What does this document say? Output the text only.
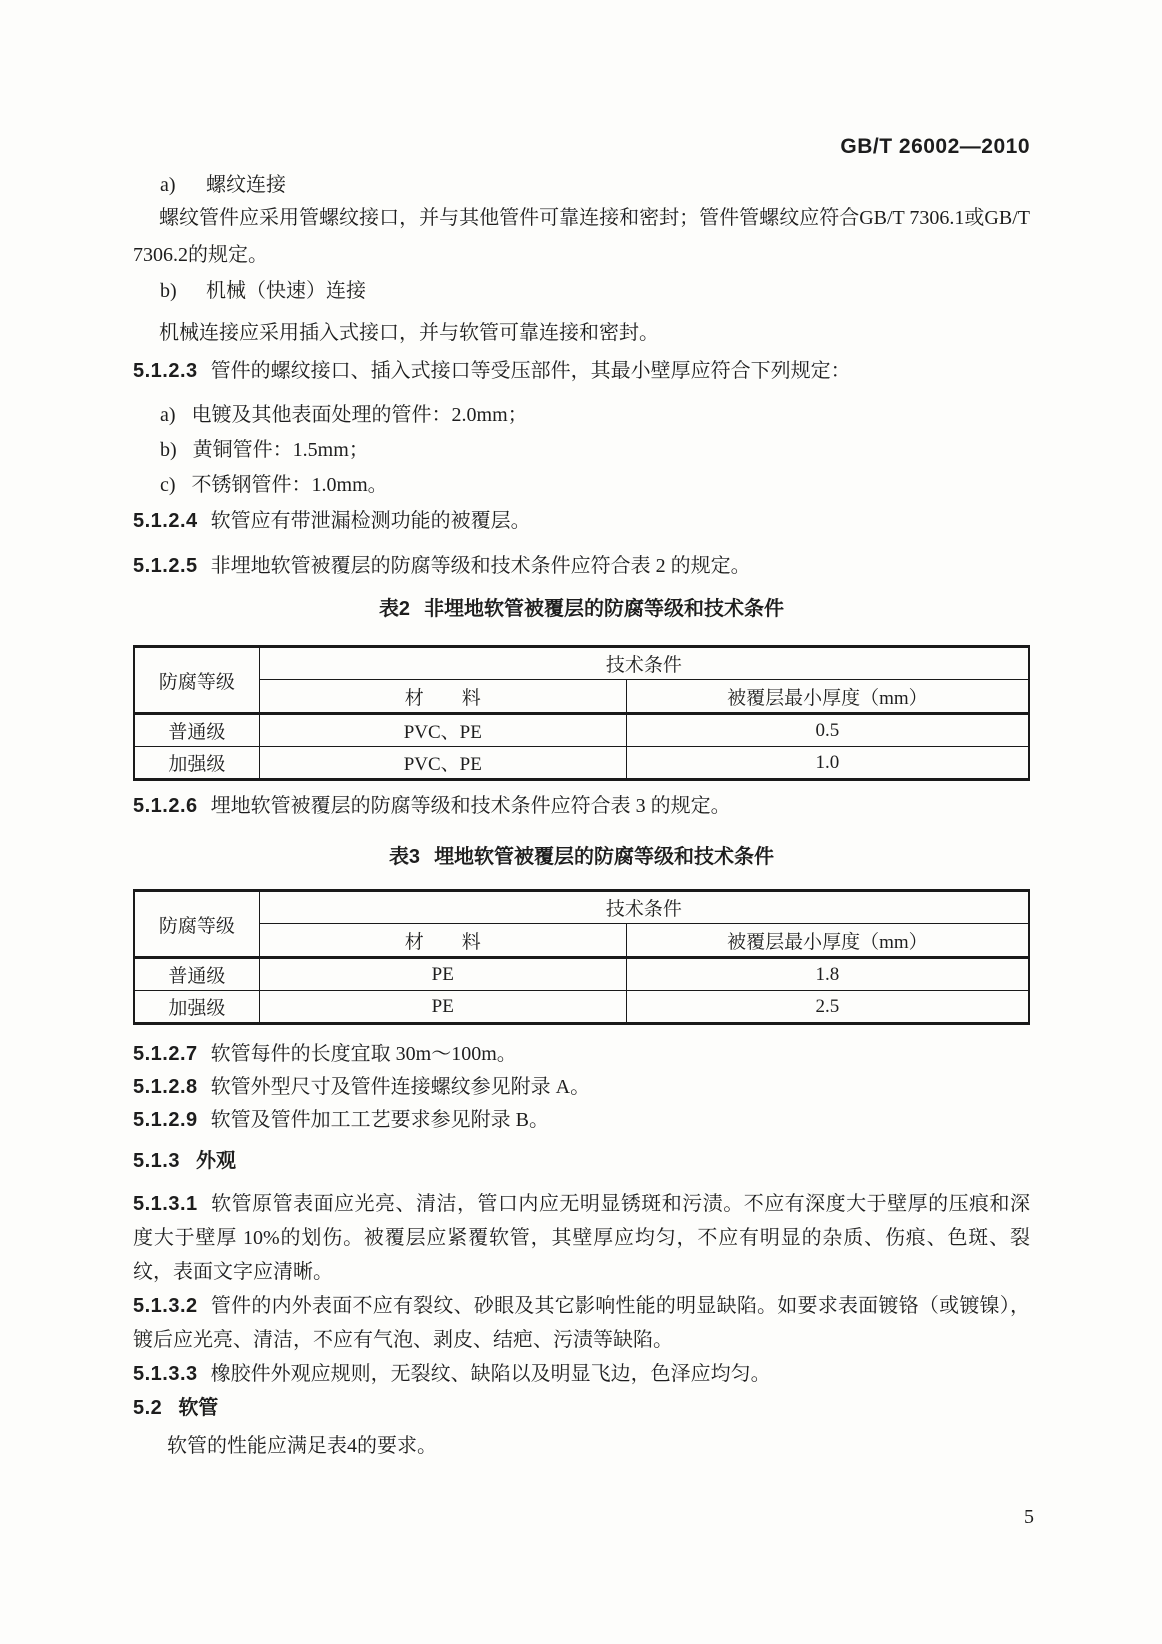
GB/T 26002—2010

a) 螺纹连接

螺纹管件应采用管螺纹接口，并与其他管件可靠连接和密封；管件管螺纹应符合GB/T 7306.1或GB/T 7306.2的规定。

b) 机械（快速）连接

机械连接应采用插入式接口，并与软管可靠连接和密封。

5.1.2.3 管件的螺纹接口、插入式接口等受压部件，其最小壁厚应符合下列规定：

a) 电镀及其他表面处理的管件：2.0mm；

b) 黄铜管件：1.5mm；

c) 不锈钢管件：1.0mm。

5.1.2.4 软管应有带泄漏检测功能的被覆层。

5.1.2.5 非埋地软管被覆层的防腐等级和技术条件应符合表 2 的规定。

表2 非埋地软管被覆层的防腐等级和技术条件

防腐等级	技术条件	
	材　　料	被覆层最小厚度（mm）
普通级	PVC、PE	0.5
加强级	PVC、PE	1.0

5.1.2.6 埋地软管被覆层的防腐等级和技术条件应符合表 3 的规定。

表3 埋地软管被覆层的防腐等级和技术条件

防腐等级	技术条件	
	材　　料	被覆层最小厚度（mm）
普通级	PE	1.8
加强级	PE	2.5

5.1.2.7 软管每件的长度宜取 30m～100m。

5.1.2.8 软管外型尺寸及管件连接螺纹参见附录 A。

5.1.2.9 软管及管件加工工艺要求参见附录 B。

5.1.3 外观

5.1.3.1 软管原管表面应光亮、清洁，管口内应无明显锈斑和污渍。不应有深度大于壁厚的压痕和深度大于壁厚 10%的划伤。被覆层应紧覆软管，其壁厚应均匀，不应有明显的杂质、伤痕、色斑、裂纹，表面文字应清晰。

5.1.3.2 管件的内外表面不应有裂纹、砂眼及其它影响性能的明显缺陷。如要求表面镀铬（或镀镍），镀后应光亮、清洁，不应有气泡、剥皮、结疤、污渍等缺陷。

5.1.3.3 橡胶件外观应规则，无裂纹、缺陷以及明显飞边，色泽应均匀。

5.2 软管

软管的性能应满足表4的要求。

5
